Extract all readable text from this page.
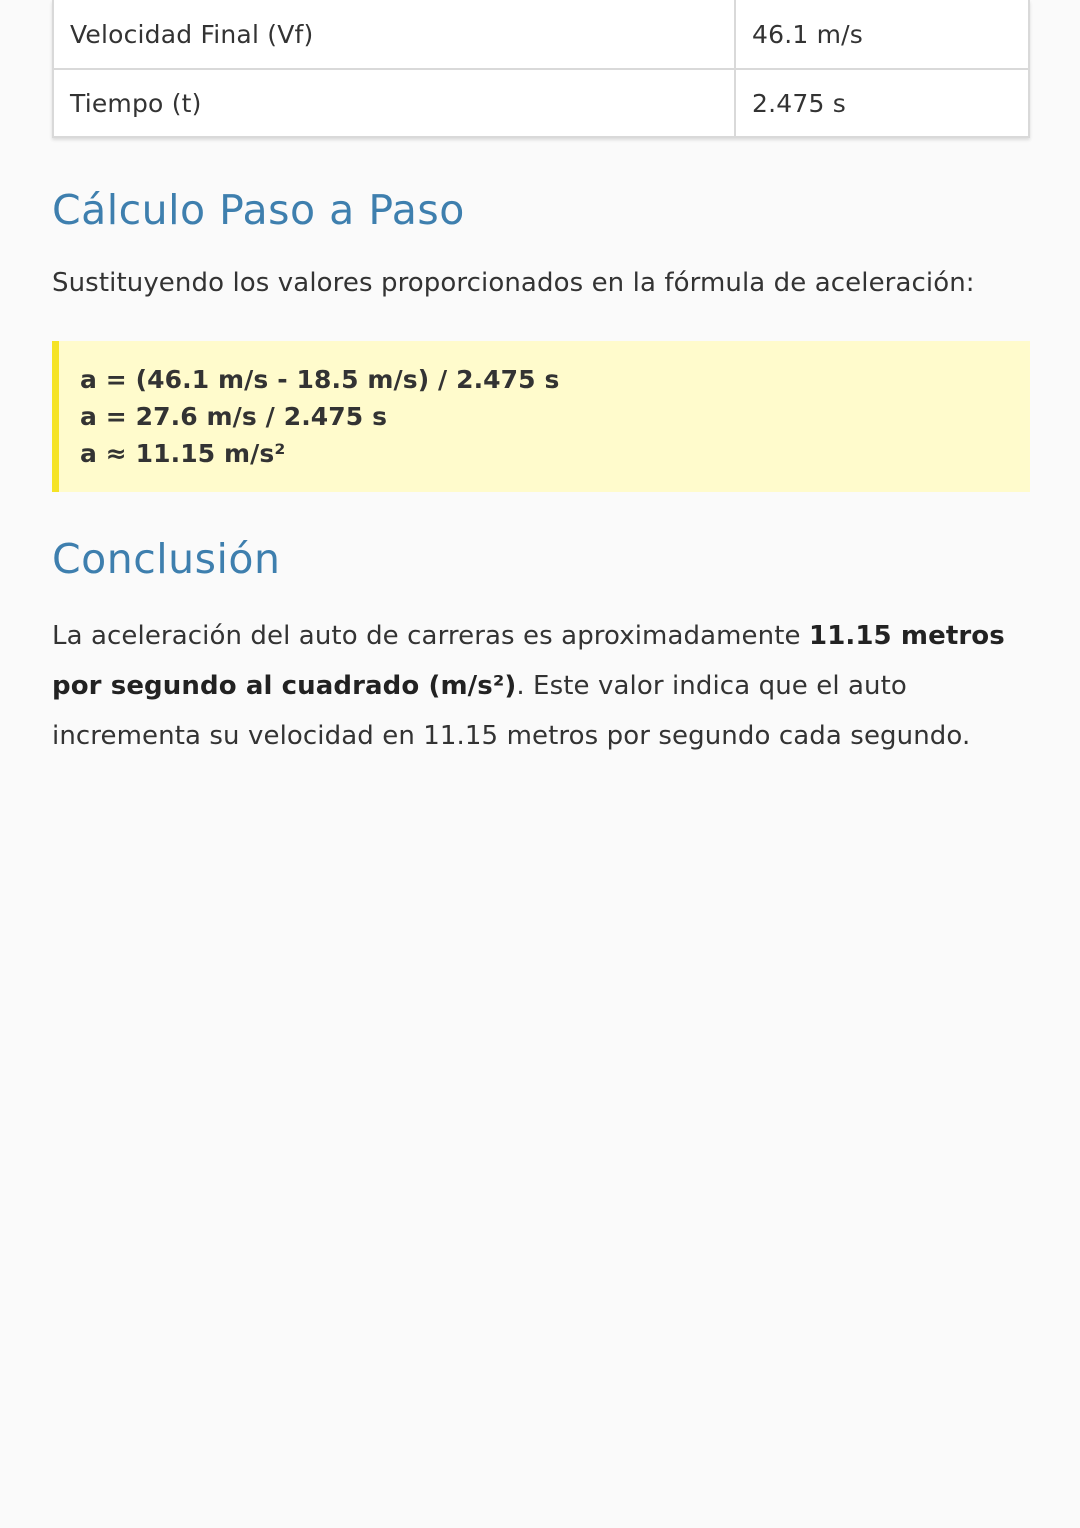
Velocidad Final (Vf)	46.1 m/s
Tiempo (t)	2.475 s
Cálculo Paso a Paso

Sustituyendo los valores proporcionados en la fórmula de aceleración:

a = (46.1 m/s - 18.5 m/s) / 2.475 s
a = 27.6 m/s / 2.475 s
a ≈ 11.15 m/s²
Conclusión

La aceleración del auto de carreras es aproximadamente 11.15 metros por segundo al cuadrado (m/s²). Este valor indica que el auto incrementa su velocidad en 11.15 metros por segundo cada segundo.
